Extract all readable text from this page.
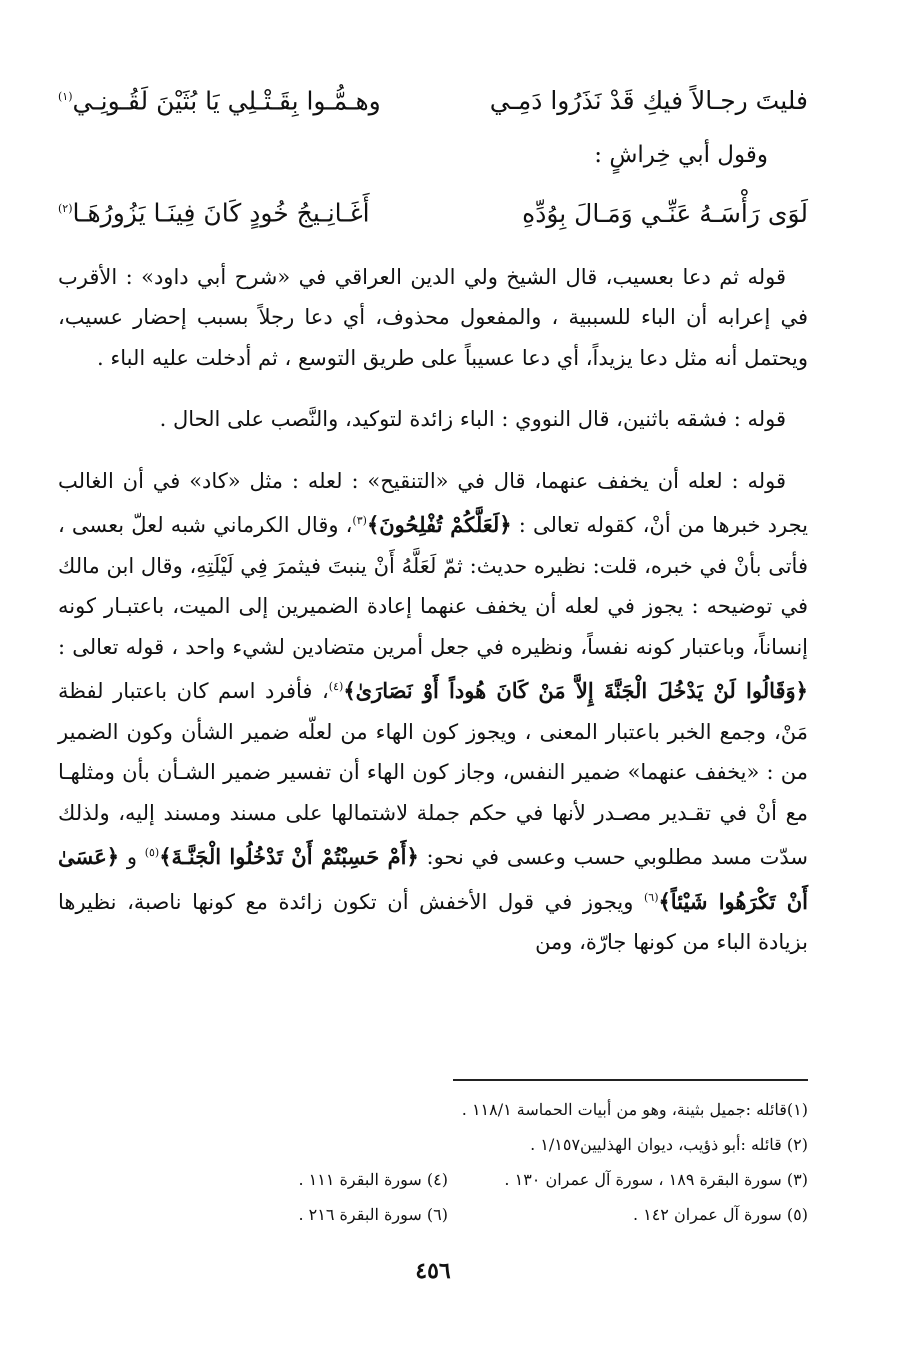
فليتَ رجـالاً فيكِ قَدْ نَذَرُوا دَمِـي
وهـمُّـوا بِقَـتْـلِي يَا بُثَيْنَ لَقُـونِـي$^{(١)}$
وقول أبي خِراشٍ :
لَوَى رَأْسَـهُ عَنِّـي وَمَـالَ بِوُدِّهِ
أَغَـانِـيجُ خُودٍ كَانَ فِينَـا يَزُورُهَـا$^{(٢)}$

قوله ثم دعا بعسيب، قال الشيخ ولي الدين العراقي في «شرح أبي داود» : الأقرب في إعرابه أن الباء للسببية ، والمفعول محذوف، أي دعا رجلاً بسبب إحضار عسيب، ويحتمل أنه مثل دعا يزيداً، أي دعا عسيباً على طريق التوسع ، ثم أدخلت عليه الباء .

قوله : فشقه باثنين، قال النووي : الباء زائدة لتوكيد، والنَّصب على الحال .

قوله : لعله أن يخفف عنهما، قال في «التنقيح» : لعله : مثل «كاد» في أن الغالب يجرد خبرها من أنْ، كقوله تعالى : ﴿لَعَلَّكُمْ تُفْلِحُونَ﴾$^{(٣)}$، وقال الكرماني شبه لعلّ بعسى ، فأتى بأنْ في خبره، قلت: نظيره حديث: ثمّ لَعَلَّهُ أَنْ ينبتَ فيثمرَ فِي لَيْلَتِهِ، وقال ابن مالك في توضيحه : يجوز في لعله أن يخفف عنهما إعادة الضميرين إلى الميت، باعتبـار كونه إنساناً، وباعتبار كونه نفساً، ونظيره في جعل أمرين متضادين لشيء واحد ، قوله تعالى : ﴿وَقَالُوا لَنْ يَدْخُلَ الْجَنَّةَ إِلاَّ مَنْ كَانَ هُوداً أَوْ نَصَارَىٰ﴾$^{(٤)}$، فأفرد اسم كان باعتبار لفظة مَنْ، وجمع الخبر باعتبار المعنى ، ويجوز كون الهاء من لعلّه ضمير الشأن وكون الضمير من : «يخفف عنهما» ضمير النفس، وجاز كون الهاء أن تفسير ضمير الشـأن بأن ومثلهـا مع أنْ في تقـدير مصـدر لأنها في حكم جملة لاشتمالها على مسند ومسند إليه، ولذلك سدّت مسد مطلوبي حسب وعسى في نحو: ﴿أَمْ حَسِبْتُمْ أَنْ تَدْخُلُوا الْجَنَّـةَ﴾$^{(٥)}$ و ﴿عَسَىٰ أَنْ تَكْرَهُوا شَيْئاً﴾$^{(٦)}$ ويجوز في قول الأخفش أن تكون زائدة مع كونها ناصبة، نظيرها بزيادة الباء من كونها جارّة، ومن

(١)قائله :جميل بثينة، وهو من أبيات الحماسة ١١٨/١ .
(٢) قائله :أبو ذؤيب، ديوان الهذليين١/١٥٧ .
(٣) سورة البقرة ١٨٩ ، سورة آل عمران ١٣٠ .
(٤) سورة البقرة ١١١ .
(٥) سورة آل عمران ١٤٢ .
(٦) سورة البقرة ٢١٦ .
٤٥٦
